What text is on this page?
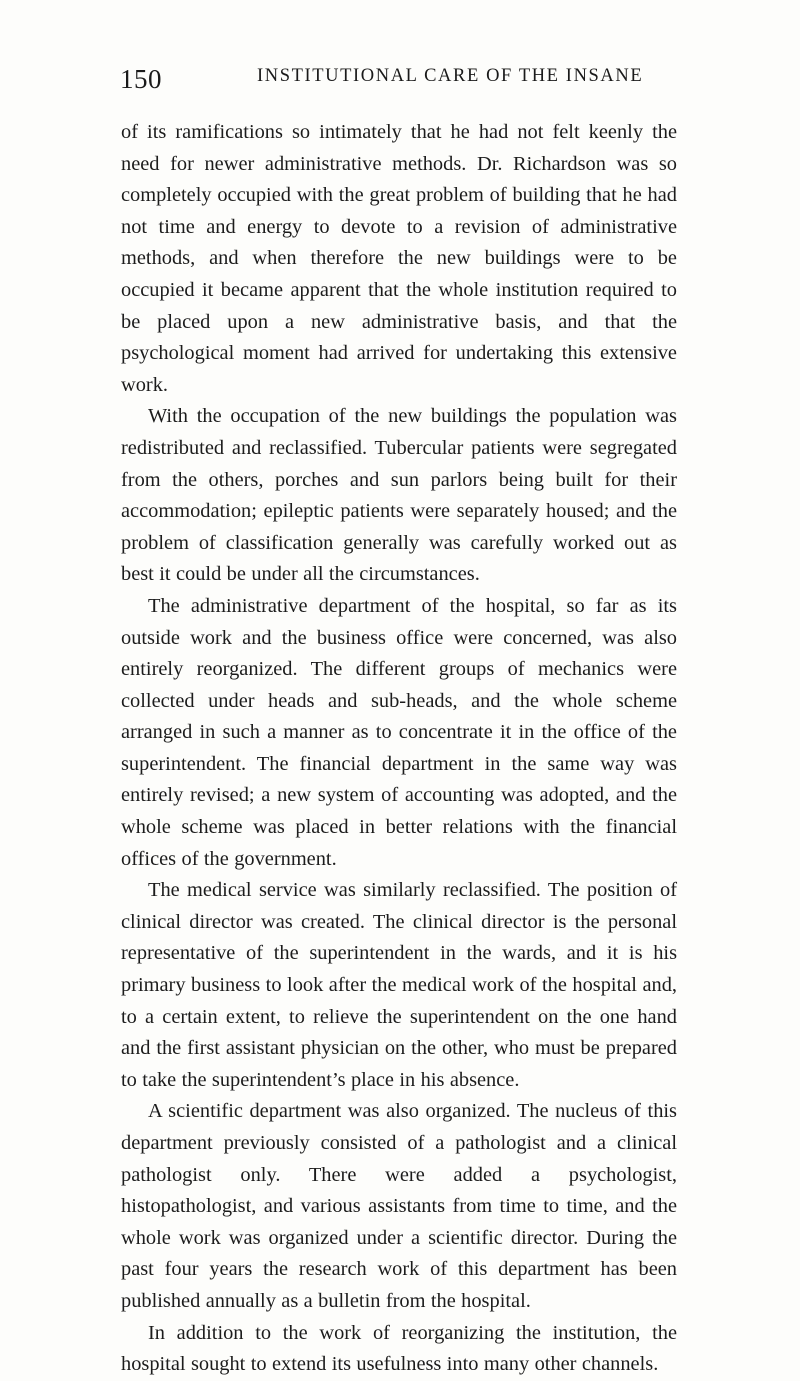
150	INSTITUTIONAL CARE OF THE INSANE

of its ramifications so intimately that he had not felt keenly the need for newer administrative methods. Dr. Richardson was so completely occupied with the great problem of building that he had not time and energy to devote to a revision of administrative methods, and when therefore the new buildings were to be occupied it became apparent that the whole institution required to be placed upon a new administrative basis, and that the psychological moment had arrived for undertaking this extensive work.

With the occupation of the new buildings the population was redistributed and reclassified. Tubercular patients were segregated from the others, porches and sun parlors being built for their accommodation; epileptic patients were separately housed; and the problem of classification generally was carefully worked out as best it could be under all the circumstances.

The administrative department of the hospital, so far as its outside work and the business office were concerned, was also entirely reorganized. The different groups of mechanics were collected under heads and sub-heads, and the whole scheme arranged in such a manner as to concentrate it in the office of the superintendent. The financial department in the same way was entirely revised; a new system of accounting was adopted, and the whole scheme was placed in better relations with the financial offices of the government.

The medical service was similarly reclassified. The position of clinical director was created. The clinical director is the personal representative of the superintendent in the wards, and it is his primary business to look after the medical work of the hospital and, to a certain extent, to relieve the superintendent on the one hand and the first assistant physician on the other, who must be prepared to take the superintendent’s place in his absence.

A scientific department was also organized. The nucleus of this department previously consisted of a pathologist and a clinical pathologist only. There were added a psychologist, histopathologist, and various assistants from time to time, and the whole work was organized under a scientific director. During the past four years the research work of this department has been published annually as a bulletin from the hospital.

In addition to the work of reorganizing the institution, the hospital sought to extend its usefulness into many other channels.
